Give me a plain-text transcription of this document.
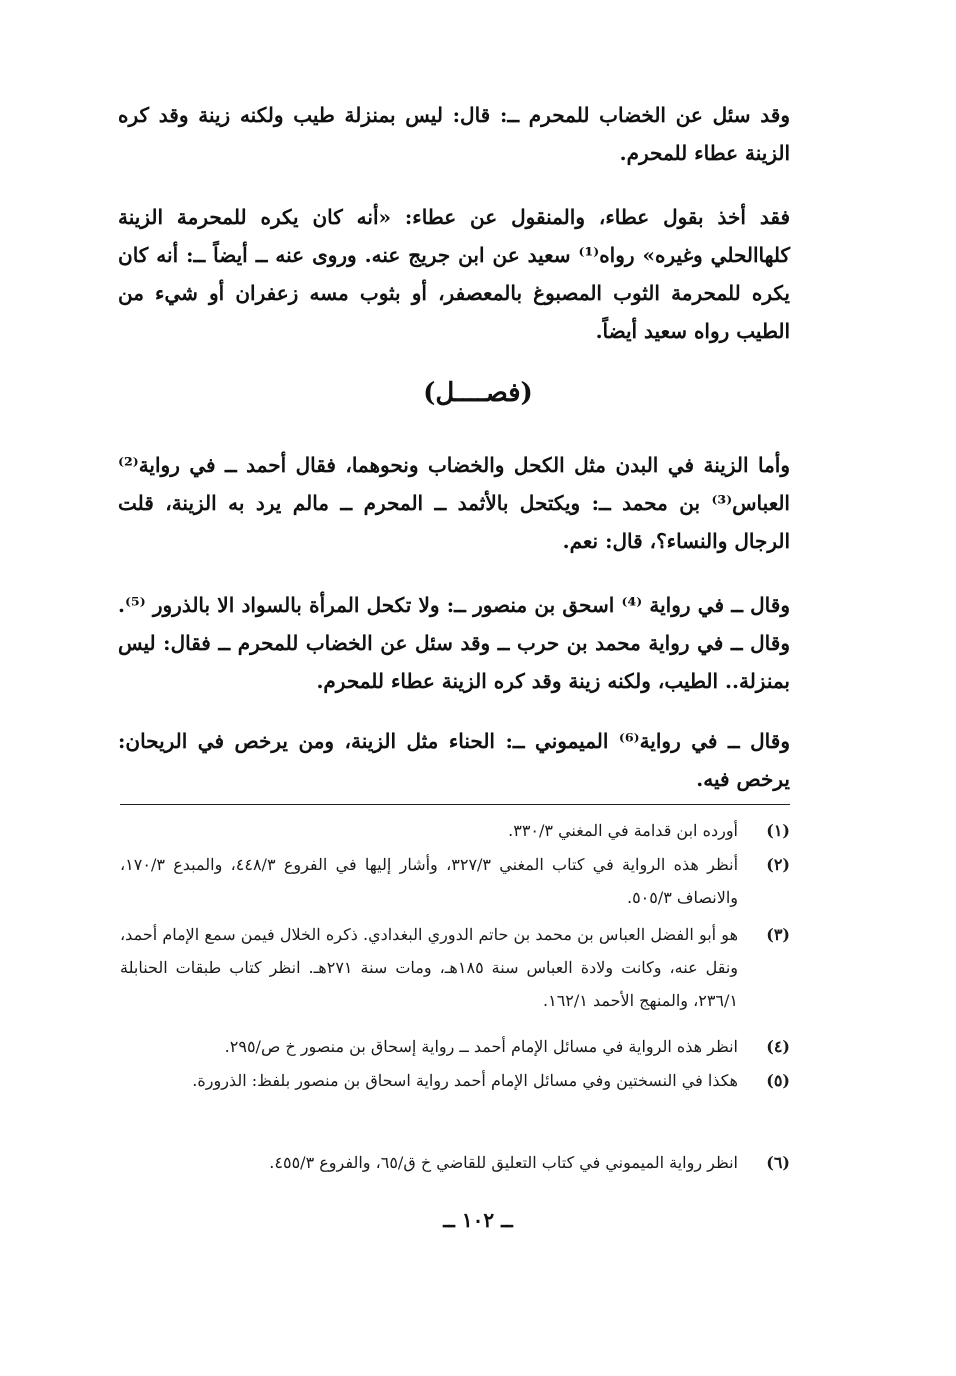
وقد سئل عن الخضاب للمحرم ــ: قال: ليس بمنزلة طيب ولكنه زينة وقد كره الزينة عطاء للمحرم.

فقد أخذ بقول عطاء، والمنقول عن عطاء: «أنه كان يكره للمحرمة الزينة كلهاالحلي وغيره» رواه⁽¹⁾ سعيد عن ابن جريج عنه. وروى عنه ــ أيضاً ــ: أنه كان يكره للمحرمة الثوب المصبوغ بالمعصفر، أو بثوب مسه زعفران أو شيء من الطيب رواه سعيد أيضاً.

(فصــــل)

وأما الزينة في البدن مثل الكحل والخضاب ونحوهما، فقال أحمد ــ في رواية⁽²⁾ العباس⁽³⁾ بن محمد ــ: ويكتحل بالأثمد ــ المحرم ــ مالم يرد به الزينة، قلت الرجال والنساء؟، قال: نعم.

وقال ــ في رواية ⁽⁴⁾ اسحق بن منصور ــ: ولا تكحل المرأة بالسواد الا بالذرور ⁽⁵⁾. وقال ــ في رواية محمد بن حرب ــ وقد سئل عن الخضاب للمحرم ــ فقال: ليس بمنزلة.. الطيب، ولكنه زينة وقد كره الزينة عطاء للمحرم.

وقال ــ في رواية⁽⁶⁾ الميموني ــ: الحناء مثل الزينة، ومن يرخص في الريحان: يرخص فيه.

(١)
أورده ابن قدامة في المغني ٣٣٠/٣.
(٢)
أنظر هذه الرواية في كتاب المغني ٣٢٧/٣، وأشار إليها في الفروع ٤٤٨/٣، والمبدع ١٧٠/٣، والانصاف ٥٠٥/٣.
(٣)
هو أبو الفضل العباس بن محمد بن حاتم الدوري البغدادي. ذكره الخلال فيمن سمع الإمام أحمد، ونقل عنه، وكانت ولادة العباس سنة ١٨٥هـ، ومات سنة ٢٧١هـ. انظر كتاب طبقات الحنابلة ٢٣٦/١، والمنهج الأحمد ١٦٢/١.
(٤)
انظر هذه الرواية في مسائل الإمام أحمد ــ رواية إسحاق بن منصور خ ص/٢٩٥.
(٥)
هكذا في النسختين وفي مسائل الإمام أحمد رواية اسحاق بن منصور بلفظ: الذرورة.
(٦)
انظر رواية الميموني في كتاب التعليق للقاضي خ ق/٦٥، والفروع ٤٥٥/٣.
ــ ١٠٢ ــ
